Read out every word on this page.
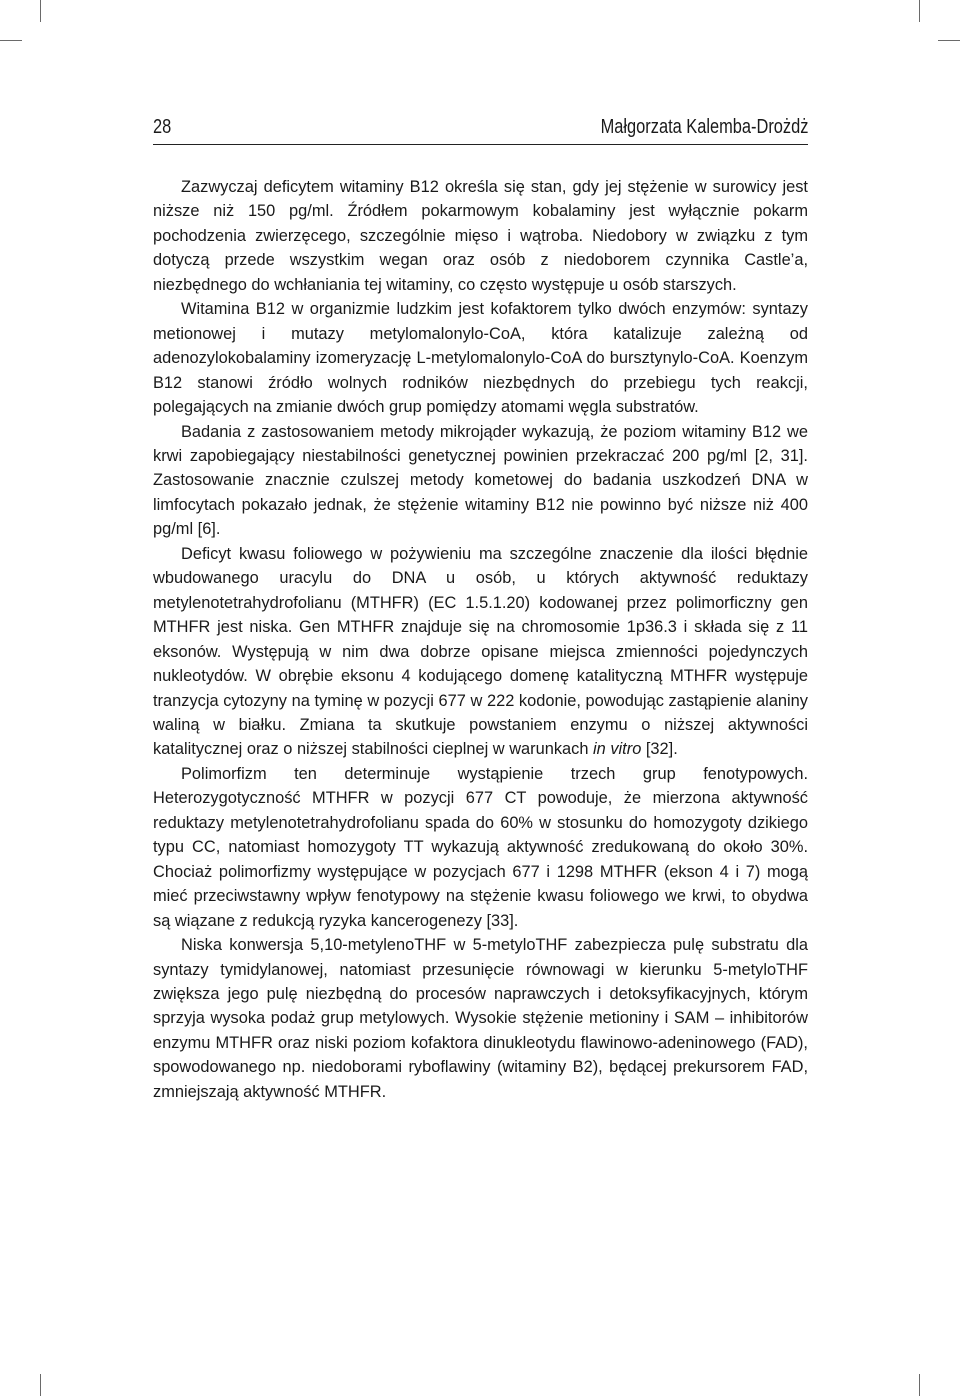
28	Małgorzata Kalemba-Drożdż

Zazwyczaj deficytem witaminy B12 określa się stan, gdy jej stężenie w surowicy jest niższe niż 150 pg/ml. Źródłem pokarmowym kobalaminy jest wyłącznie pokarm pochodzenia zwierzęcego, szczególnie mięso i wątroba. Niedobory w związku z tym dotyczą przede wszystkim wegan oraz osób z niedoborem czynnika Castle’a, niezbędnego do wchłaniania tej witaminy, co często występuje u osób starszych.

Witamina B12 w organizmie ludzkim jest kofaktorem tylko dwóch enzymów: syntazy metionowej i mutazy metylomalonylo-CoA, która katalizuje zależną od adenozylokobalaminy izomeryzację L-metylomalonylo-CoA do bursztynylo-CoA. Koenzym B12 stanowi źródło wolnych rodników niezbędnych do przebiegu tych reakcji, polegających na zmianie dwóch grup pomiędzy atomami węgla substratów.

Badania z zastosowaniem metody mikrojąder wykazują, że poziom witaminy B12 we krwi zapobiegający niestabilności genetycznej powinien przekraczać 200 pg/ml [2, 31]. Zastosowanie znacznie czulszej metody kometowej do badania uszkodzeń DNA w limfocytach pokazało jednak, że stężenie witaminy B12 nie powinno być niższe niż 400 pg/ml [6].

Deficyt kwasu foliowego w pożywieniu ma szczególne znaczenie dla ilości błędnie wbudowanego uracylu do DNA u osób, u których aktywność reduktazy metylenotetrahydrofolianu (MTHFR) (EC 1.5.1.20) kodowanej przez polimorficzny gen MTHFR jest niska. Gen MTHFR znajduje się na chromosomie 1p36.3 i składa się z 11 eksonów. Występują w nim dwa dobrze opisane miejsca zmienności pojedynczych nukleotydów. W obrębie eksonu 4 kodującego domenę katalityczną MTHFR występuje tranzycja cytozyny na tyminę w pozycji 677 w 222 kodonie, powodując zastąpienie alaniny waliną w białku. Zmiana ta skutkuje powstaniem enzymu o niższej aktywności katalitycznej oraz o niższej stabilności cieplnej w warunkach in vitro [32].

Polimorfizm ten determinuje wystąpienie trzech grup fenotypowych. Heterozygotyczność MTHFR w pozycji 677 CT powoduje, że mierzona aktywność reduktazy metylenotetrahydrofolianu spada do 60% w stosunku do homozygoty dzikiego typu CC, natomiast homozygoty TT wykazują aktywność zredukowaną do około 30%. Chociaż polimorfizmy występujące w pozycjach 677 i 1298 MTHFR (ekson 4 i 7) mogą mieć przeciwstawny wpływ fenotypowy na stężenie kwasu foliowego we krwi, to obydwa są wiązane z redukcją ryzyka kancerogenezy [33].

Niska konwersja 5,10-metylenoTHF w 5-metyloTHF zabezpiecza pulę substratu dla syntazy tymidylanowej, natomiast przesunięcie równowagi w kierunku 5-metyloTHF zwiększa jego pulę niezbędną do procesów naprawczych i detoksyfikacyjnych, którym sprzyja wysoka podaż grup metylowych. Wysokie stężenie metioniny i SAM – inhibitorów enzymu MTHFR oraz niski poziom kofaktora dinukleotydu flawinowo-adeninowego (FAD), spowodowanego np. niedoborami ryboflawiny (witaminy B2), będącej prekursorem FAD, zmniejszają aktywność MTHFR.
